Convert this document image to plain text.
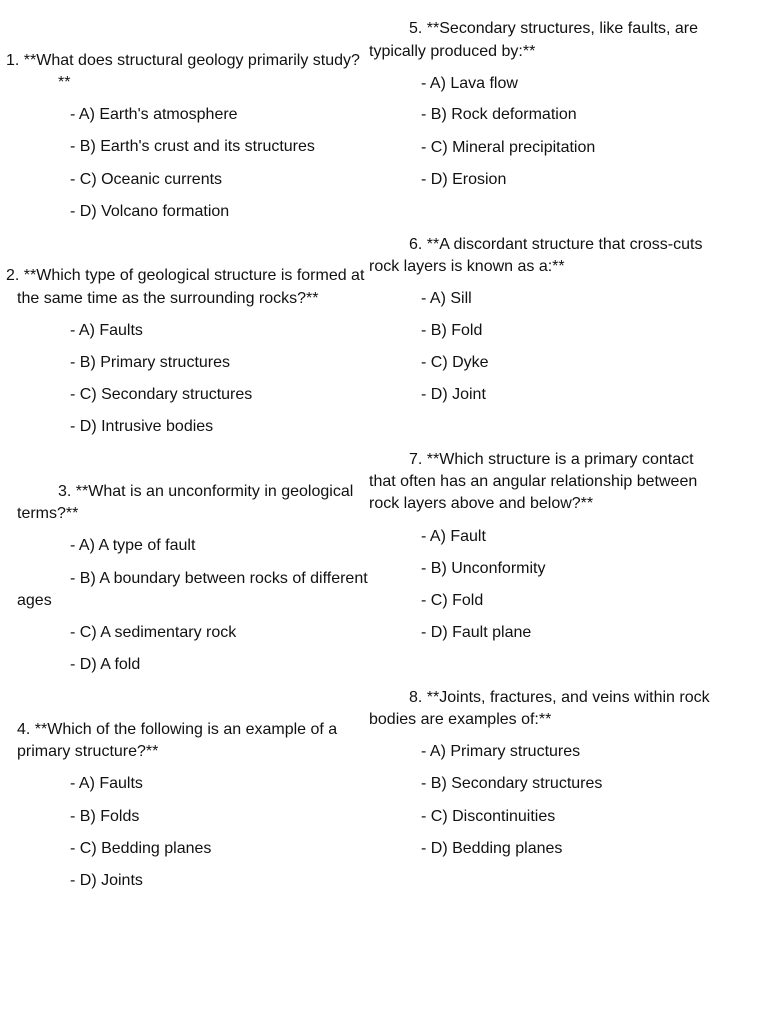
1. **What does structural geology primarily study?

**

- A) Earth's atmosphere

- B) Earth's crust and its structures

- C) Oceanic currents

- D) Volcano formation

2. **Which type of geological structure is formed at

the same time as the surrounding rocks?**

- A) Faults

- B) Primary structures

- C) Secondary structures

- D) Intrusive bodies

3. **What is an unconformity in geological

terms?**

- A) A type of fault

- B) A boundary between rocks of different

ages

- C) A sedimentary rock

- D) A fold

4. **Which of the following is an example of a

primary structure?**

- A) Faults

- B) Folds

- C) Bedding planes

- D) Joints

5. **Secondary structures, like faults, are

typically produced by:**

- A) Lava flow

- B) Rock deformation

- C) Mineral precipitation

- D) Erosion

6. **A discordant structure that cross-cuts

rock layers is known as a:**

- A) Sill

- B) Fold

- C) Dyke

- D) Joint

7. **Which structure is a primary contact

that often has an angular relationship between

rock layers above and below?**

- A) Fault

- B) Unconformity

- C) Fold

- D) Fault plane

8. **Joints, fractures, and veins within rock

bodies are examples of:**

- A) Primary structures

- B) Secondary structures

- C) Discontinuities

- D) Bedding planes
